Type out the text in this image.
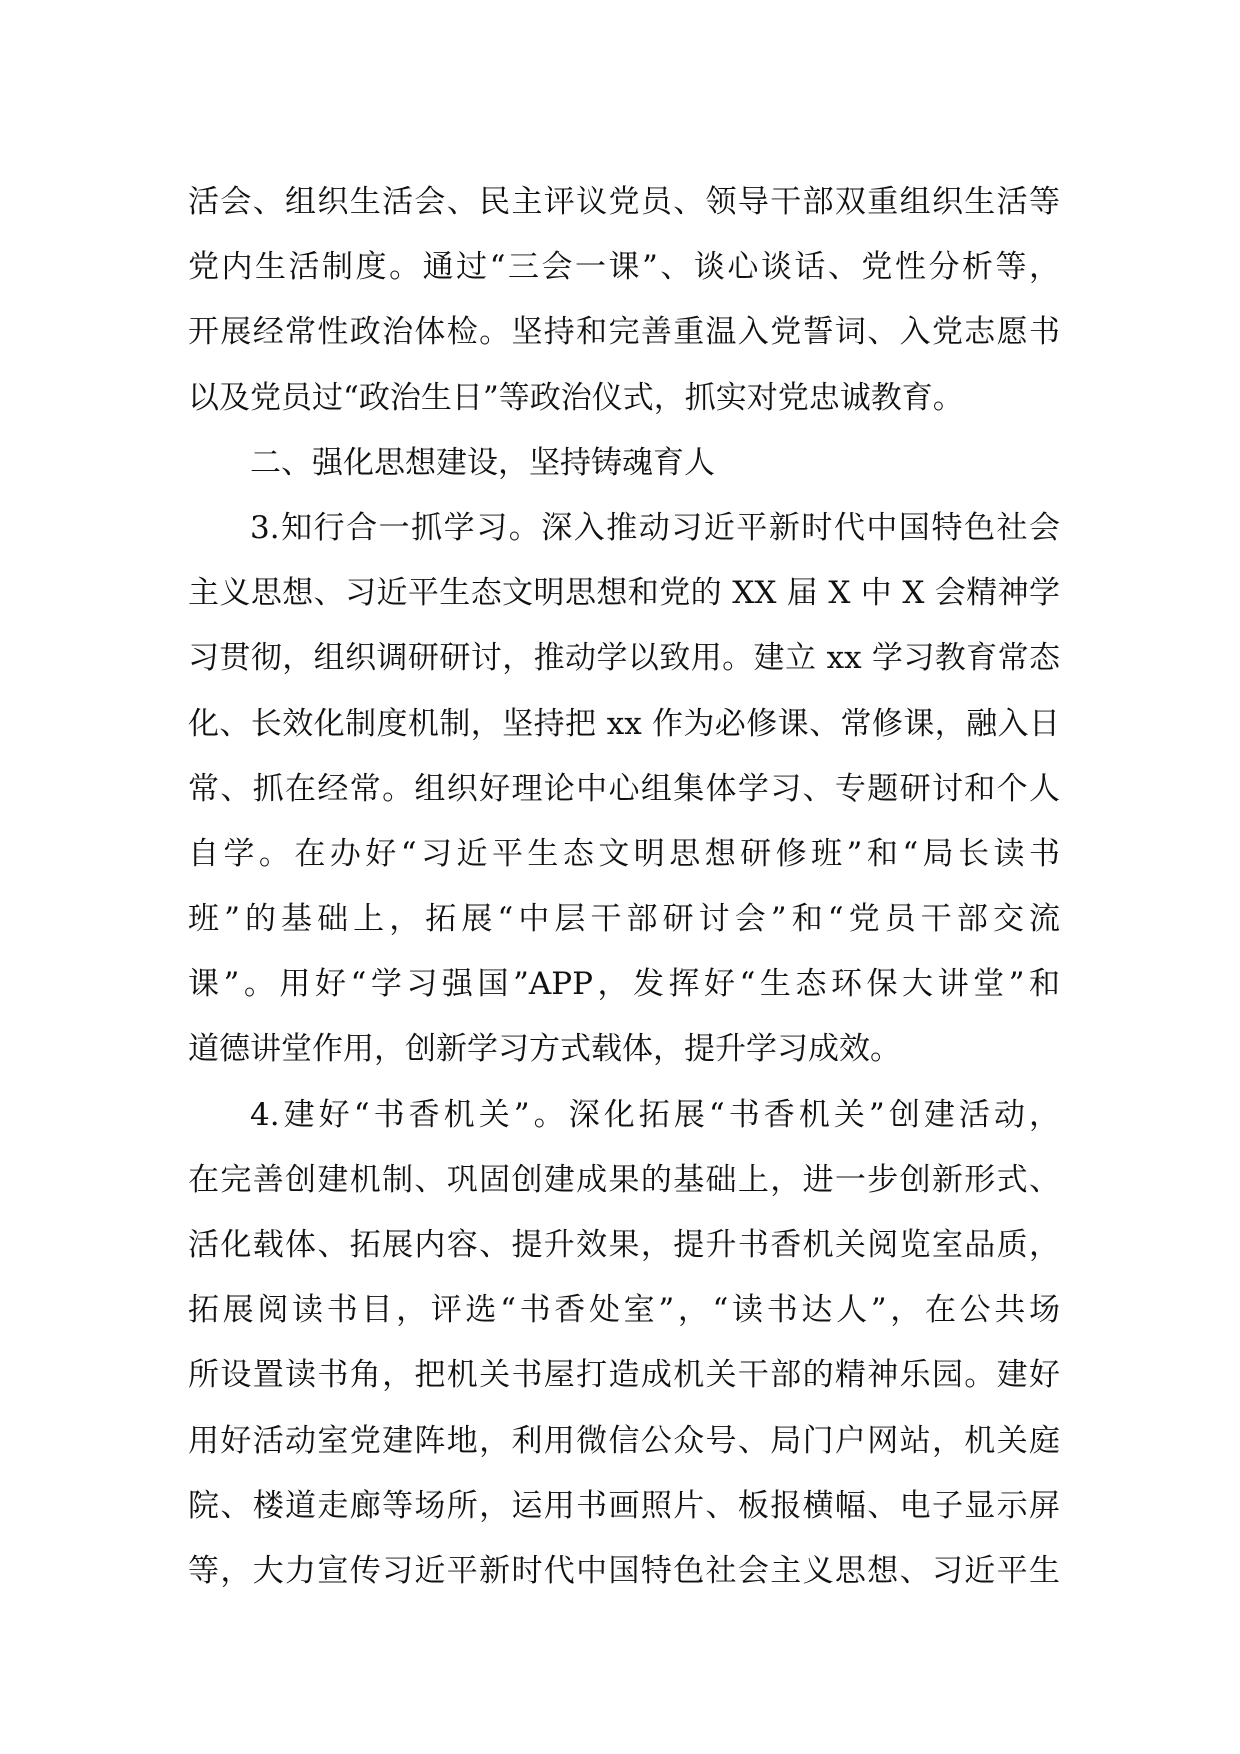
活会、组织生活会、民主评议党员、领导干部双重组织生活等
党内生活制度。通过“三会一课”、谈心谈话、党性分析等，
开展经常性政治体检。坚持和完善重温入党誓词、入党志愿书
以及党员过“政治生日”等政治仪式，抓实对党忠诚教育。
二、强化思想建设，坚持铸魂育人
3.知行合一抓学习。深入推动习近平新时代中国特色社会
主义思想、习近平生态文明思想和党的 XX 届 X 中 X 会精神学
习贯彻，组织调研研讨，推动学以致用。建立 xx 学习教育常态
化、长效化制度机制，坚持把 xx 作为必修课、常修课，融入日
常、抓在经常。组织好理论中心组集体学习、专题研讨和个人
自学。在办好“习近平生态文明思想研修班”和“局长读书
班”的基础上，拓展“中层干部研讨会”和“党员干部交流
课”。用好“学习强国”APP，发挥好“生态环保大讲堂”和
道德讲堂作用，创新学习方式载体，提升学习成效。
4.建好“书香机关”。深化拓展“书香机关”创建活动，
在完善创建机制、巩固创建成果的基础上，进一步创新形式、
活化载体、拓展内容、提升效果，提升书香机关阅览室品质，
拓展阅读书目，评选“书香处室”，“读书达人”，在公共场
所设置读书角，把机关书屋打造成机关干部的精神乐园。建好
用好活动室党建阵地，利用微信公众号、局门户网站，机关庭
院、楼道走廊等场所，运用书画照片、板报横幅、电子显示屏
等，大力宣传习近平新时代中国特色社会主义思想、习近平生
